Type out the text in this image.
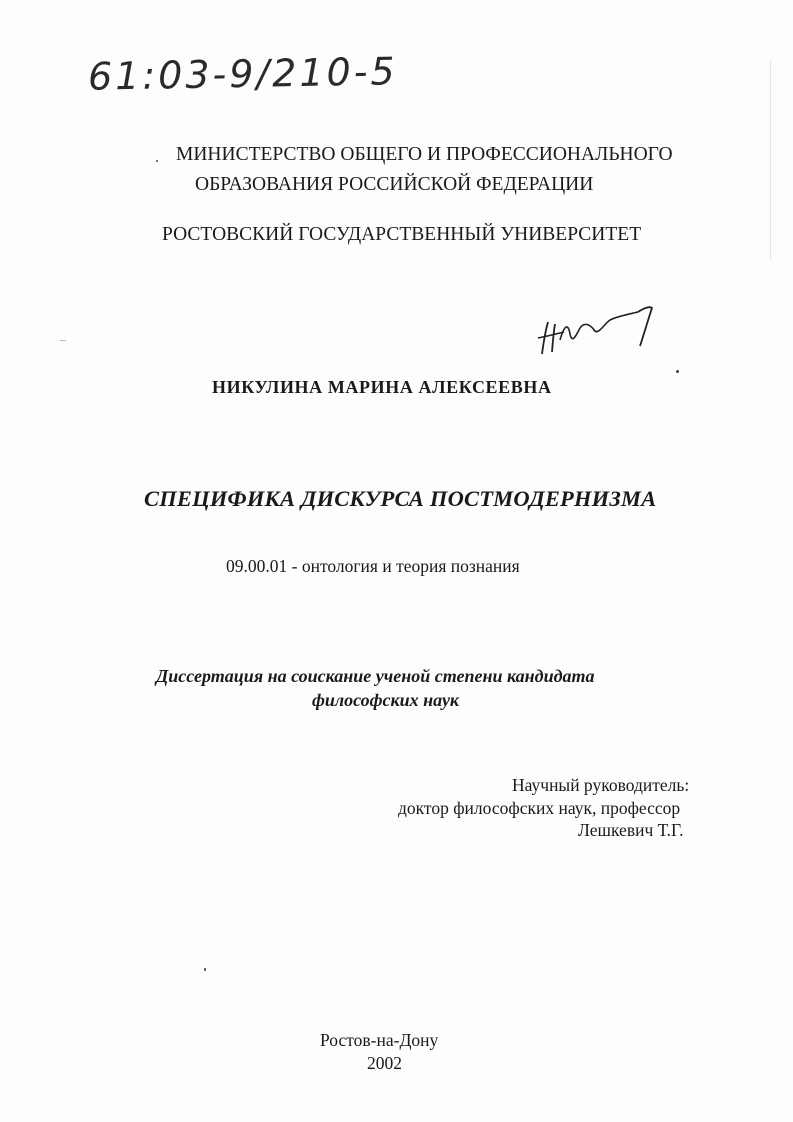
61:03-9/210-5
МИНИСТЕРСТВО ОБЩЕГО И ПРОФЕССИОНАЛЬНОГО
ОБРАЗОВАНИЯ РОССИЙСКОЙ ФЕДЕРАЦИИ
РОСТОВСКИЙ ГОСУДАРСТВЕННЫЙ УНИВЕРСИТЕТ
НИКУЛИНА МАРИНА АЛЕКСЕЕВНА
СПЕЦИФИКА ДИСКУРСА ПОСТМОДЕРНИЗМА
09.00.01 - онтология и теория познания
Диссертация на соискание ученой степени кандидата
философских наук
Научный руководитель:
доктор философских наук, профессор
Лешкевич Т.Г.
Ростов-на-Дону
2002
